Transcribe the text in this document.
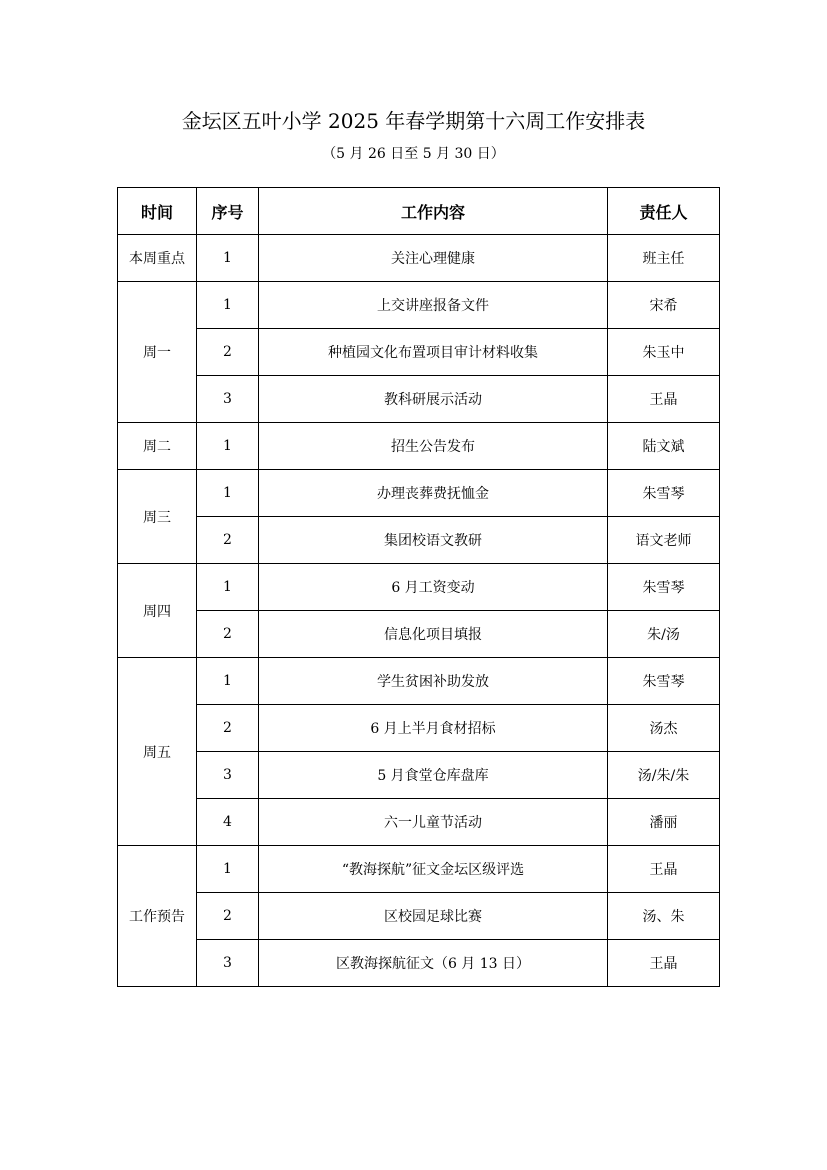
金坛区五叶小学 2025 年春学期第十六周工作安排表
（5 月 26 日至 5 月 30 日）
时间	序号	工作内容	责任人
本周重点	1	关注心理健康	班主任
周一	1	上交讲座报备文件	宋希
	2	种植园文化布置项目审计材料收集	朱玉中
	3	教科研展示活动	王晶
周二	1	招生公告发布	陆文斌
周三	1	办理丧葬费抚恤金	朱雪琴
	2	集团校语文教研	语文老师
周四	1	6 月工资变动	朱雪琴
	2	信息化项目填报	朱/汤
周五	1	学生贫困补助发放	朱雪琴
	2	6 月上半月食材招标	汤杰
	3	5 月食堂仓库盘库	汤/朱/朱
	4	六一儿童节活动	潘丽
工作预告	1	“教海探航”征文金坛区级评选	王晶
	2	区校园足球比赛	汤、朱
	3	区教海探航征文（6 月 13 日）	王晶
